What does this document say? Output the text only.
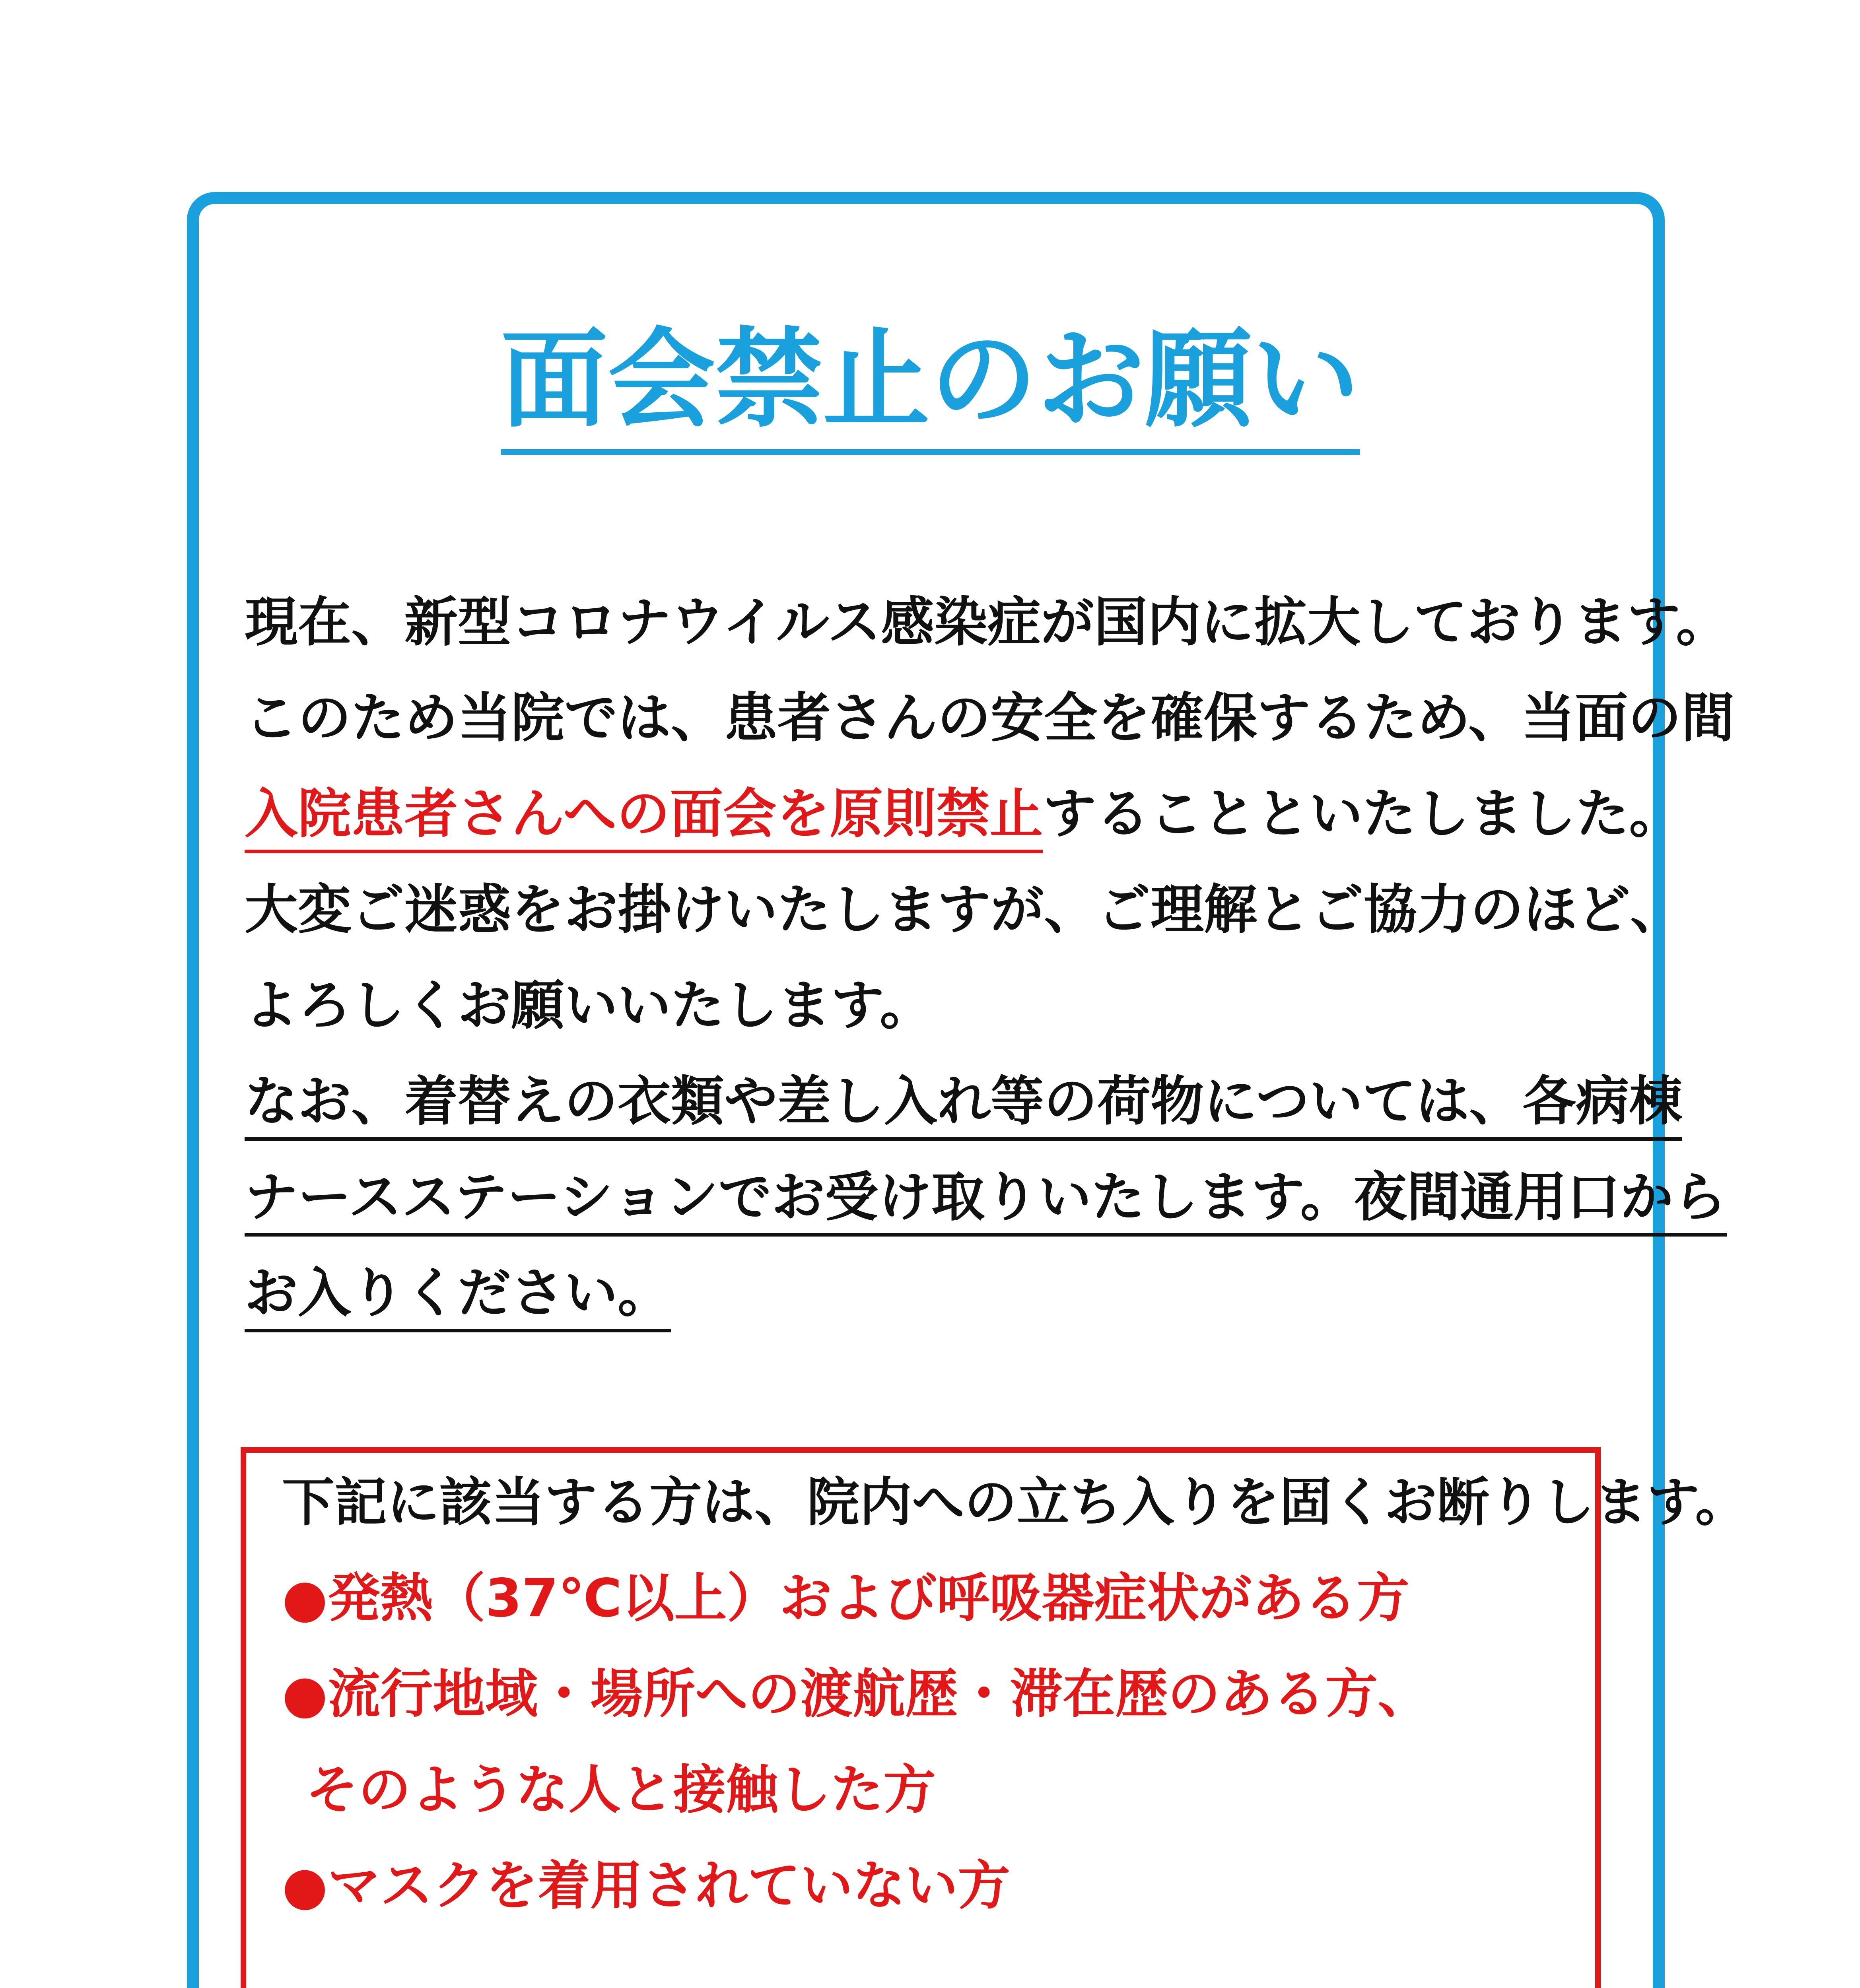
面会禁止のお願い
現在、新型コロナウイルス感染症が国内に拡大しております。
このため当院では、患者さんの安全を確保するため、当面の間
入院患者さんへの面会を原則禁止することといたしました。
大変ご迷惑をお掛けいたしますが、ご理解とご協力のほど、
よろしくお願いいたします。
なお、着替えの衣類や差し入れ等の荷物については、各病棟
ナースステーションでお受け取りいたします。夜間通用口から
お入りください。
下記に該当する方は、院内への立ち入りを固くお断りします。
●発熱（37℃以上）および呼吸器症状がある方
●流行地域・場所への渡航歴・滞在歴のある方、
そのような人と接触した方
●マスクを着用されていない方
